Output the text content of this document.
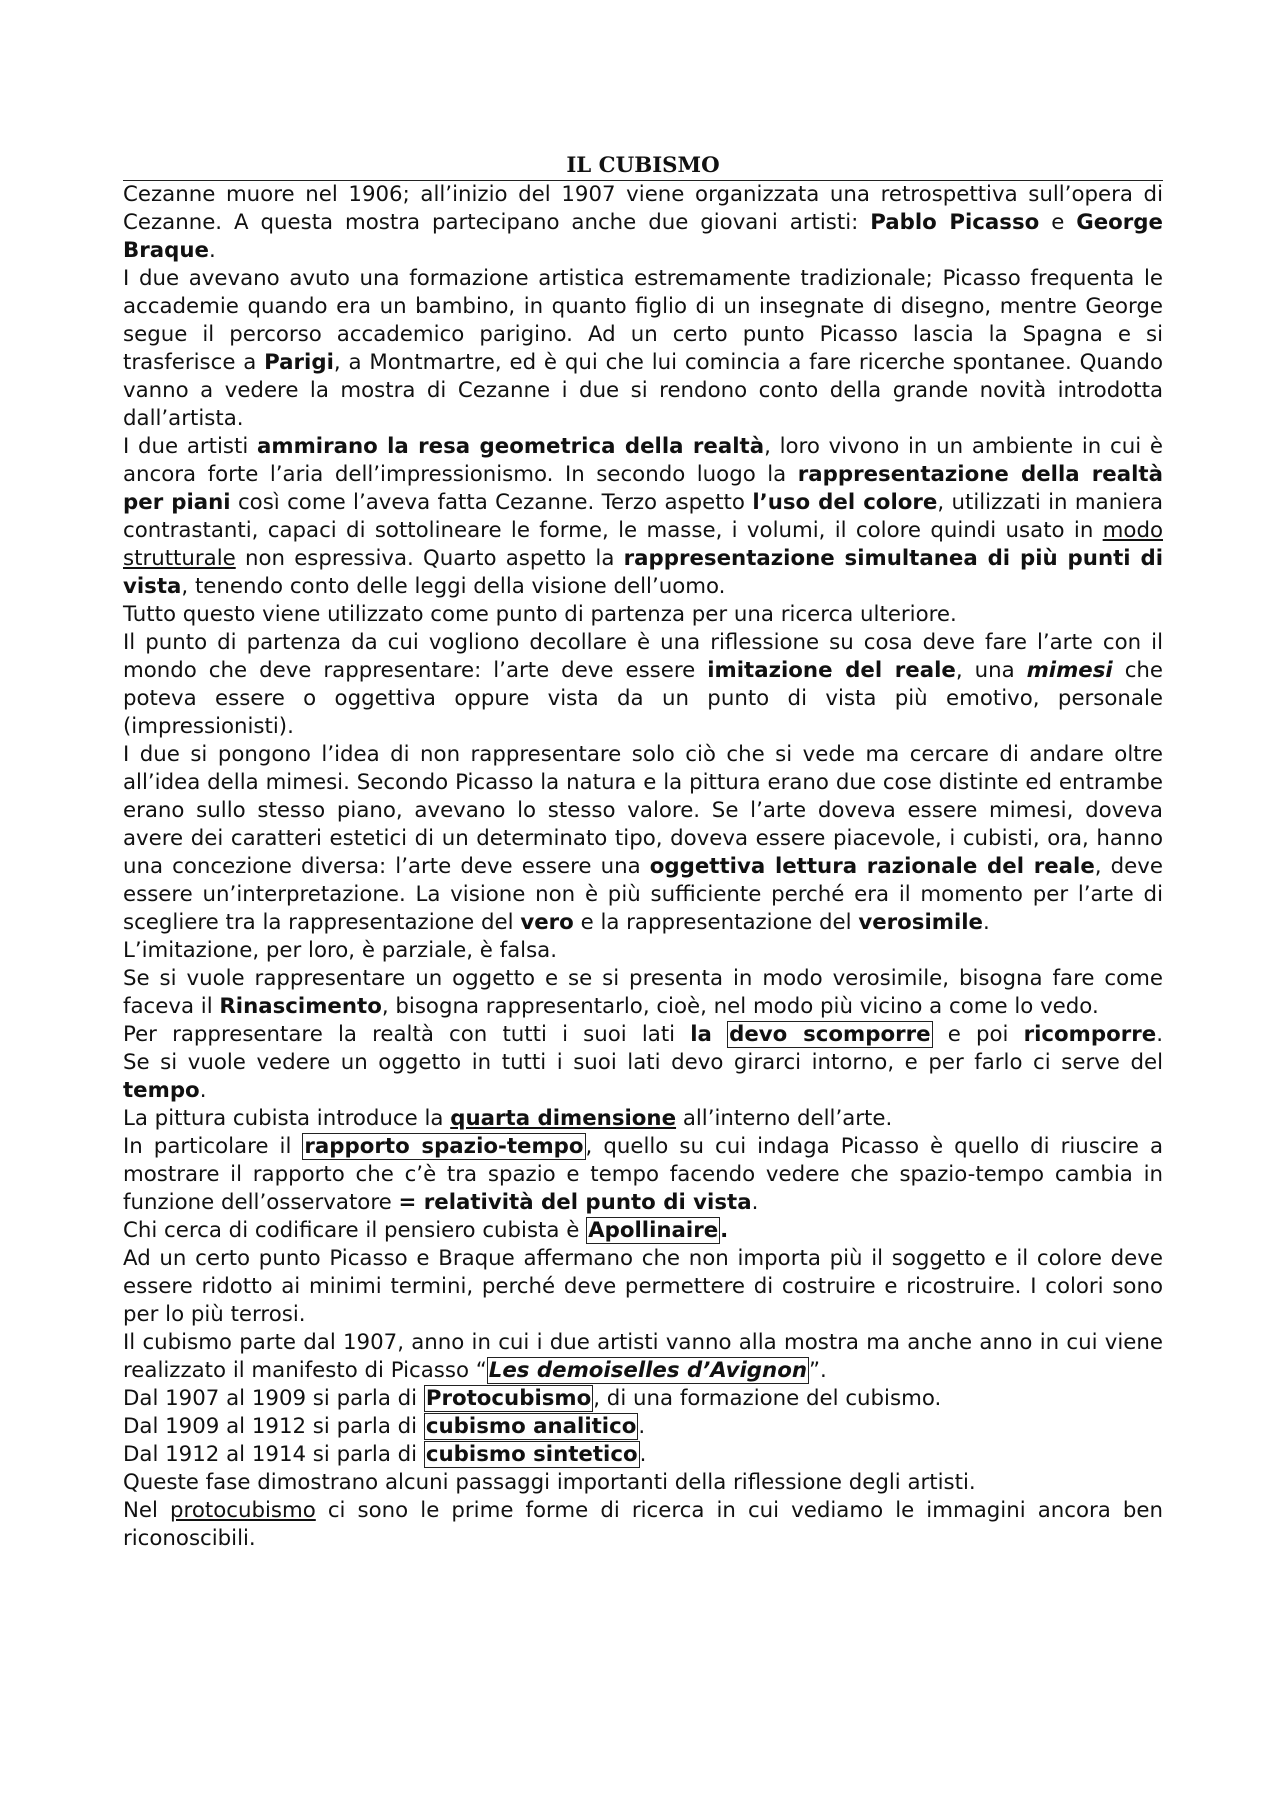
IL CUBISMO

Cezanne muore nel 1906; all’inizio del 1907 viene organizzata una retrospettiva sull’opera di Cezanne. A questa mostra partecipano anche due giovani artisti: Pablo Picasso e George Braque.

I due avevano avuto una formazione artistica estremamente tradizionale; Picasso frequenta le accademie quando era un bambino, in quanto figlio di un insegnate di disegno, mentre George segue il percorso accademico parigino. Ad un certo punto Picasso lascia la Spagna e si trasferisce a Parigi, a Montmartre, ed è qui che lui comincia a fare ricerche spontanee. Quando vanno a vedere la mostra di Cezanne i due si rendono conto della grande novità introdotta dall’artista.

I due artisti ammirano la resa geometrica della realtà, loro vivono in un ambiente in cui è ancora forte l’aria dell’impressionismo. In secondo luogo la rappresentazione della realtà per piani così come l’aveva fatta Cezanne. Terzo aspetto l’uso del colore, utilizzati in maniera contrastanti, capaci di sottolineare le forme, le masse, i volumi, il colore quindi usato in modo strutturale non espressiva. Quarto aspetto la rappresentazione simultanea di più punti di vista, tenendo conto delle leggi della visione dell’uomo.

Tutto questo viene utilizzato come punto di partenza per una ricerca ulteriore.

Il punto di partenza da cui vogliono decollare è una riflessione su cosa deve fare l’arte con il mondo che deve rappresentare: l’arte deve essere imitazione del reale, una mimesi che poteva essere o oggettiva oppure vista da un punto di vista più emotivo, personale (impressionisti).

I due si pongono l’idea di non rappresentare solo ciò che si vede ma cercare di andare oltre all’idea della mimesi. Secondo Picasso la natura e la pittura erano due cose distinte ed entrambe erano sullo stesso piano, avevano lo stesso valore. Se l’arte doveva essere mimesi, doveva avere dei caratteri estetici di un determinato tipo, doveva essere piacevole, i cubisti, ora, hanno una concezione diversa: l’arte deve essere una oggettiva lettura razionale del reale, deve essere un’interpretazione. La visione non è più sufficiente perché era il momento per l’arte di scegliere tra la rappresentazione del vero e la rappresentazione del verosimile.

L’imitazione, per loro, è parziale, è falsa.

Se si vuole rappresentare un oggetto e se si presenta in modo verosimile, bisogna fare come faceva il Rinascimento, bisogna rappresentarlo, cioè, nel modo più vicino a come lo vedo.

Per rappresentare la realtà con tutti i suoi lati la devo scomporre e poi ricomporre.

Se si vuole vedere un oggetto in tutti i suoi lati devo girarci intorno, e per farlo ci serve del tempo.

La pittura cubista introduce la quarta dimensione all’interno dell’arte.

In particolare il rapporto spazio-tempo, quello su cui indaga Picasso è quello di riuscire a mostrare il rapporto che c’è tra spazio e tempo facendo vedere che spazio-tempo cambia in funzione dell’osservatore = relatività del punto di vista.

Chi cerca di codificare il pensiero cubista è Apollinaire.

Ad un certo punto Picasso e Braque affermano che non importa più il soggetto e il colore deve essere ridotto ai minimi termini, perché deve permettere di costruire e ricostruire. I colori sono per lo più terrosi.

Il cubismo parte dal 1907, anno in cui i due artisti vanno alla mostra ma anche anno in cui viene realizzato il manifesto di Picasso “Les demoiselles d’Avignon”.

Dal 1907 al 1909 si parla di Protocubismo, di una formazione del cubismo.

Dal 1909 al 1912 si parla di cubismo analitico.

Dal 1912 al 1914 si parla di cubismo sintetico.

Queste fase dimostrano alcuni passaggi importanti della riflessione degli artisti.

Nel protocubismo ci sono le prime forme di ricerca in cui vediamo le immagini ancora ben riconoscibili.
